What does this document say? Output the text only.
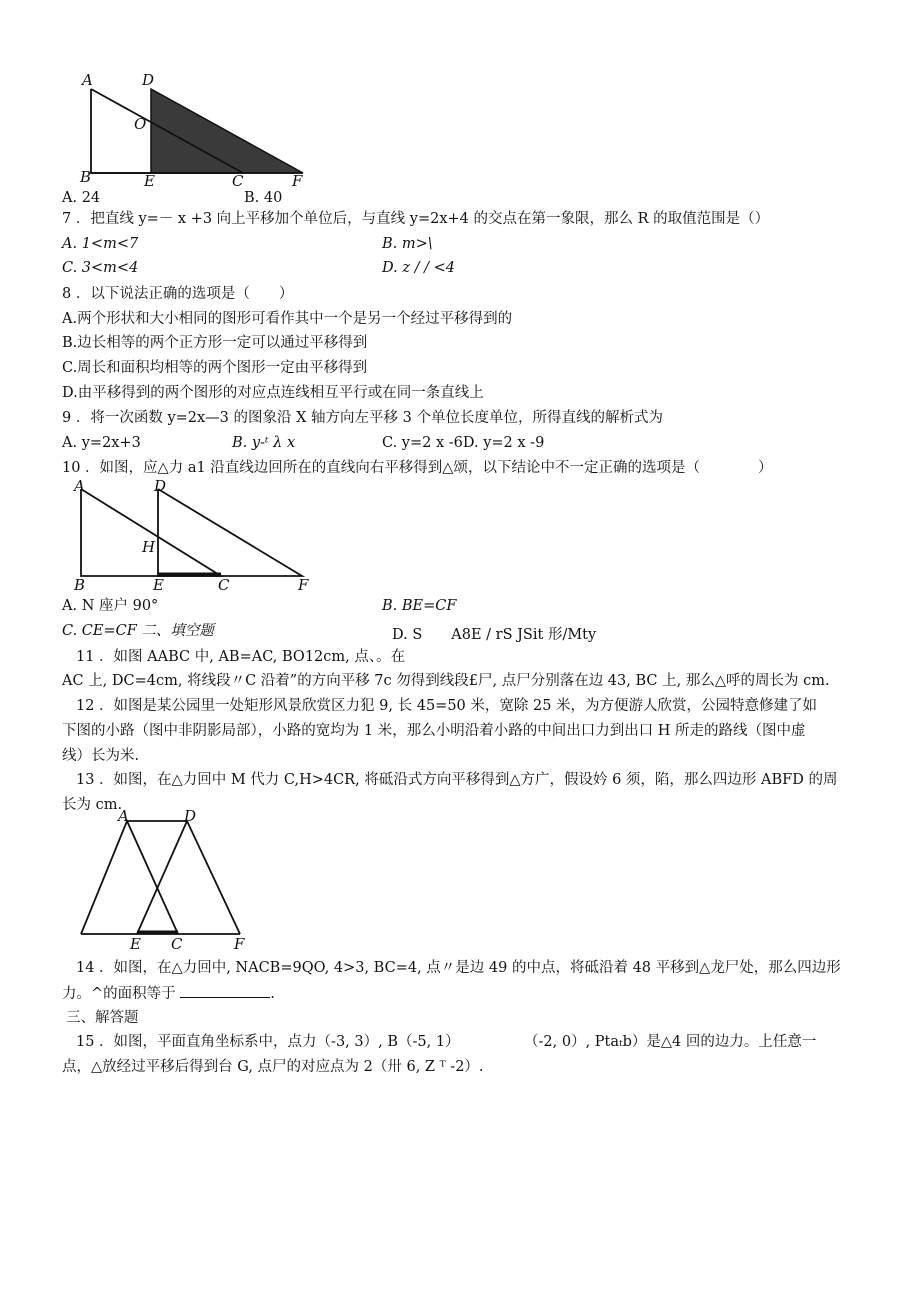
A	D
O
B	E	C	F
A. 24	B. 40
7 ．把直线 y=－ x +3 向上平移加个单位后，与直线 y=2x+4 的交点在第一象限，那么 R 的取值范围是（）
A. 1<m<7	B. m>\
C. 3<m<4	D. z / / <4
8 ．以下说法正确的选项是（　　）
A.两个形状和大小相同的图形可看作其中一个是另一个经过平移得到的
B.边长相等的两个正方形一定可以通过平移得到
C.周长和面积均相等的两个图形一定由平移得到
D.由平移得到的两个图形的对应点连线相互平行或在同一条直线上
9 ．将一次函数 y=2x—3 的图象沿 X 轴方向左平移 3 个单位长度单位，所得直线的解析式为
A. y=2x+3	B. y-ᵗ λ x	C. y=2 x -6D. y=2 x -9
10 ．如图，应△力 a1 沿直线边回所在的直线向右平移得到△颂，以下结论中不一定正确的选项是（　　　　）
A	D
H
B	E	C	F
A. N 座户 90°	B. BE=CF
C. CE=CF 二、填空题	D. S　　A8E / rS JSit 形/Mty
11 ．如图 AABC 中, AB=AC, BO12cm, 点、。在
AC 上, DC=4cm, 将线段〃C 沿着”的方向平移 7c 勿得到线段£尸, 点尸分别落在边 43, BC 上, 那么△呼的周长为 cm.
12 ．如图是某公园里一处矩形风景欣赏区力犯 9, 长 45=50 米，宽除 25 米，为方便游人欣赏，公园特意修建了如
下图的小路（图中非阴影局部），小路的宽均为 1 米，那么小明沿着小路的中间出口力到出口 H 所走的路线（图中虚
线）长为米.
13 ．如图，在△力回中 M 代力 C,H>4CR, 将砥沿式方向平移得到△方广，假设妗 6 须，陷，那么四边形 ABFD 的周
长为 cm.
A	D
E C	F
14 ．如图，在△力回中, NACB=9QO, 4>3, BC=4, 点〃是边 49 的中点，将砥沿着 48 平移到△龙尸处，那么四边形
力。^的面积等于	.
三、解答题
15 ．如图，平面直角坐标系中，点力（-3, 3）, B（-5, 1）	（-2, 0）, Ptaₜb）是△4 回的边力。上任意一
点，△放经过平移后得到台 G, 点尸的对应点为 2（卅 6, Z ᵀ -2）.
